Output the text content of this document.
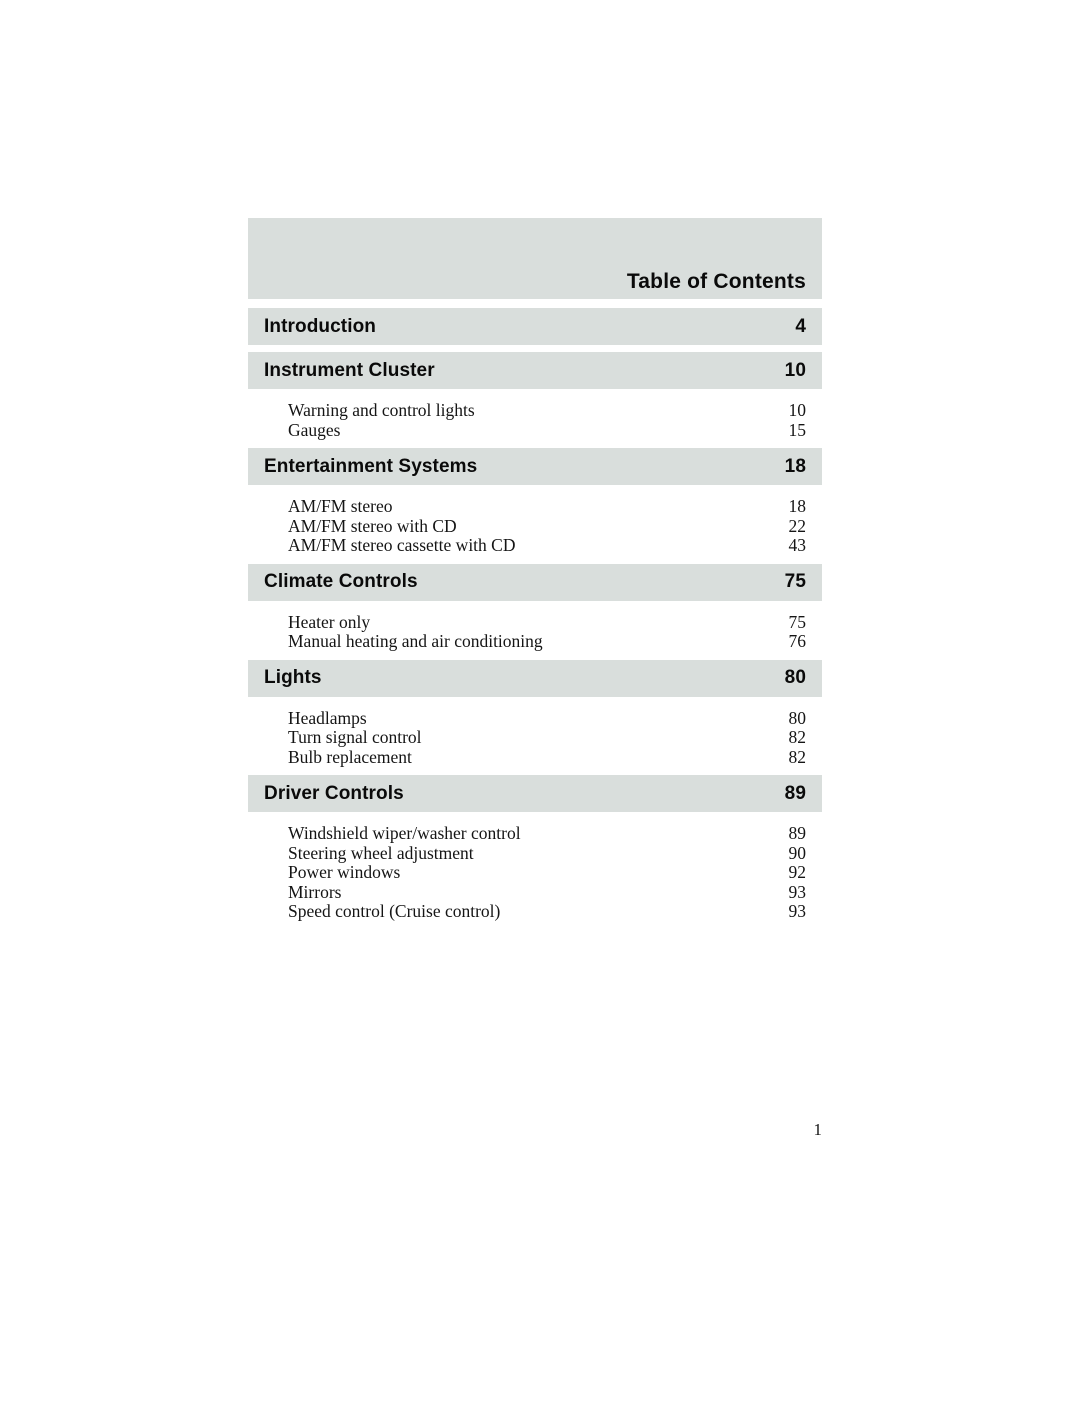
Table of Contents
Introduction	4
Instrument Cluster	10
Warning and control lights	10
Gauges	15
Entertainment Systems	18
AM/FM stereo	18
AM/FM stereo with CD	22
AM/FM stereo cassette with CD	43
Climate Controls	75
Heater only	75
Manual heating and air conditioning	76
Lights	80
Headlamps	80
Turn signal control	82
Bulb replacement	82
Driver Controls	89
Windshield wiper/washer control	89
Steering wheel adjustment	90
Power windows	92
Mirrors	93
Speed control (Cruise control)	93
1
